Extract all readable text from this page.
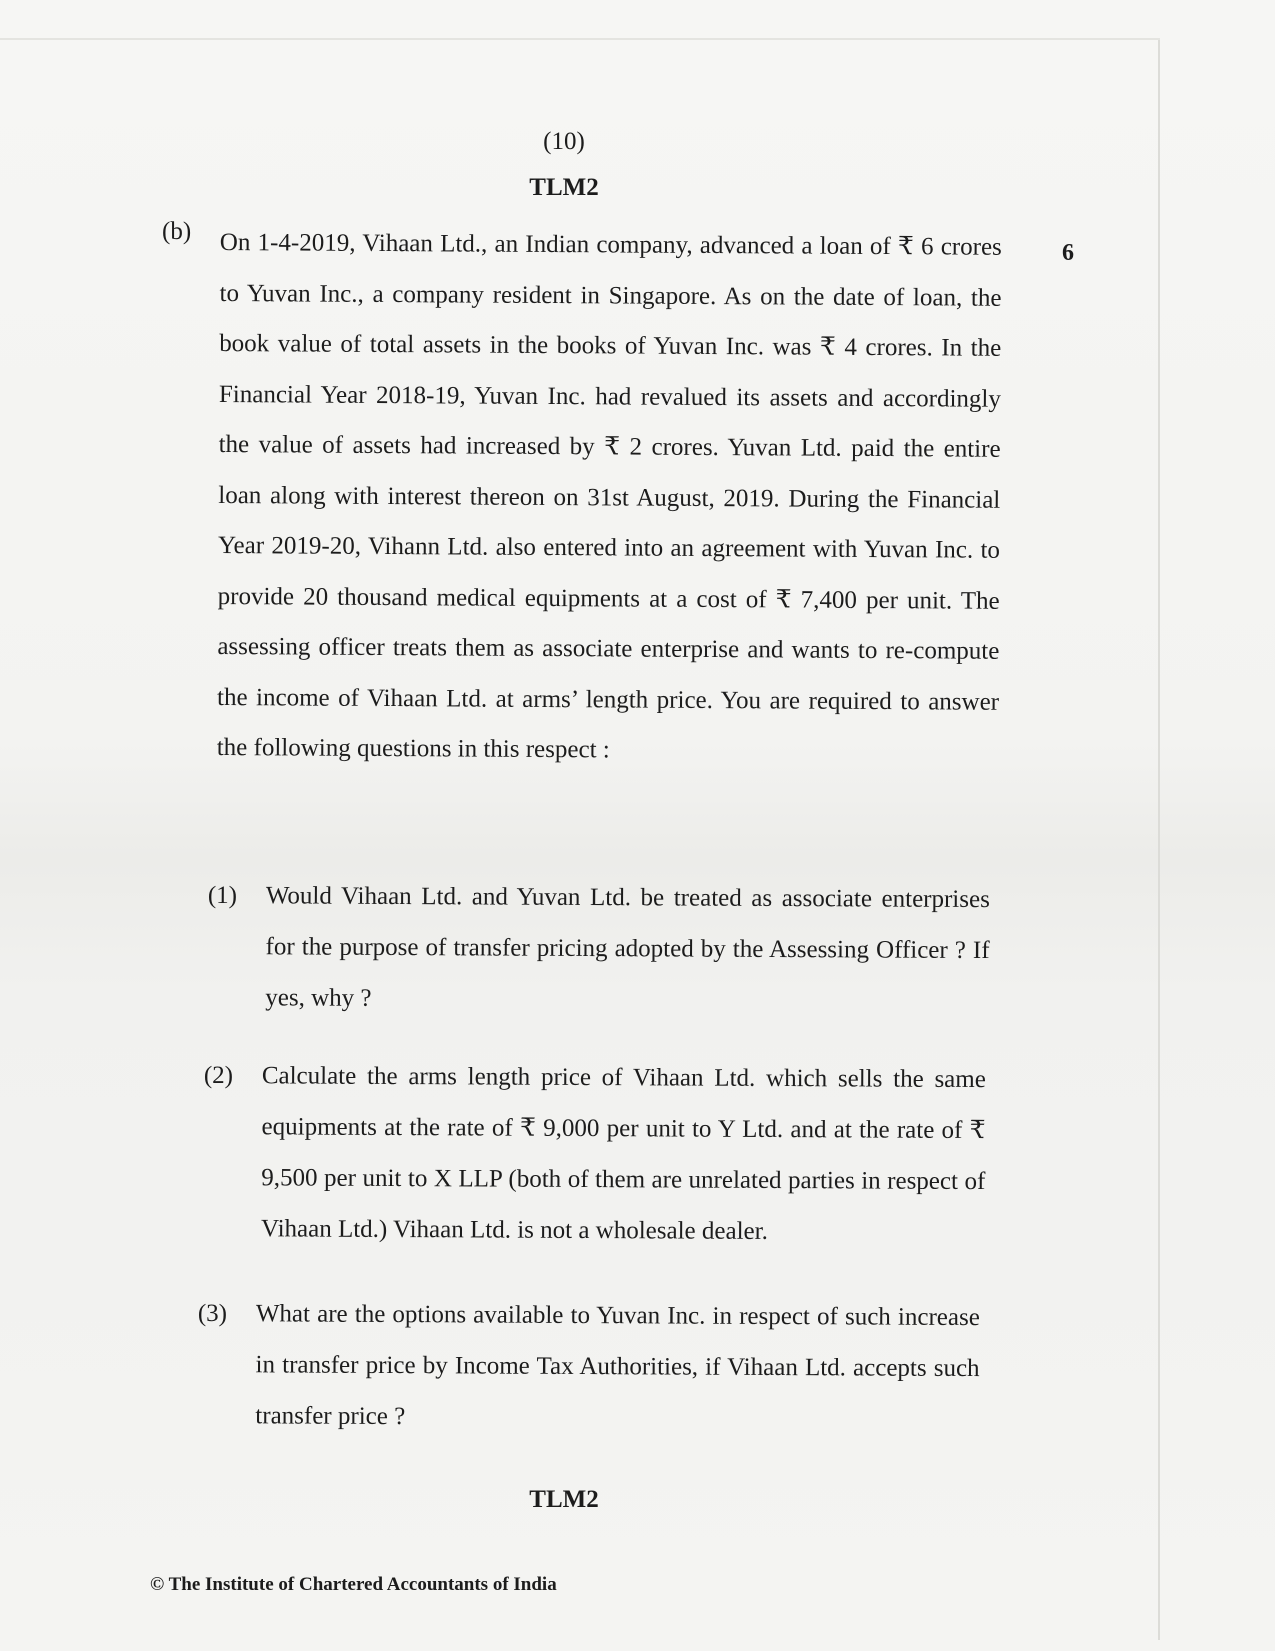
(10)
TLM2
(b)
6

On 1-4-2019, Vihaan Ltd., an Indian company, advanced a loan of ₹ 6 crores to Yuvan Inc., a company resident in Singapore. As on the date of loan, the book value of total assets in the books of Yuvan Inc. was ₹ 4 crores. In the Financial Year 2018-19, Yuvan Inc. had revalued its assets and accordingly the value of assets had increased by ₹ 2 crores. Yuvan Ltd. paid the entire loan along with interest thereon on 31st August, 2019. During the Financial Year 2019-20, Vihann Ltd. also entered into an agreement with Yuvan Inc. to provide 20 thousand medical equipments at a cost of ₹ 7,400 per unit. The assessing officer treats them as associate enterprise and wants to re-compute the income of Vihaan Ltd. at arms’ length price. You are required to answer the following questions in this respect :

(1) Would Vihaan Ltd. and Yuvan Ltd. be treated as associate enterprises for the purpose of transfer pricing adopted by the Assessing Officer ? If yes, why ?
(2) Calculate the arms length price of Vihaan Ltd. which sells the same equipments at the rate of ₹ 9,000 per unit to Y Ltd. and at the rate of ₹ 9,500 per unit to X LLP (both of them are unrelated parties in respect of Vihaan Ltd.) Vihaan Ltd. is not a wholesale dealer.
(3) What are the options available to Yuvan Inc. in respect of such increase in transfer price by Income Tax Authorities, if Vihaan Ltd. accepts such transfer price ?
TLM2
© The Institute of Chartered Accountants of India
